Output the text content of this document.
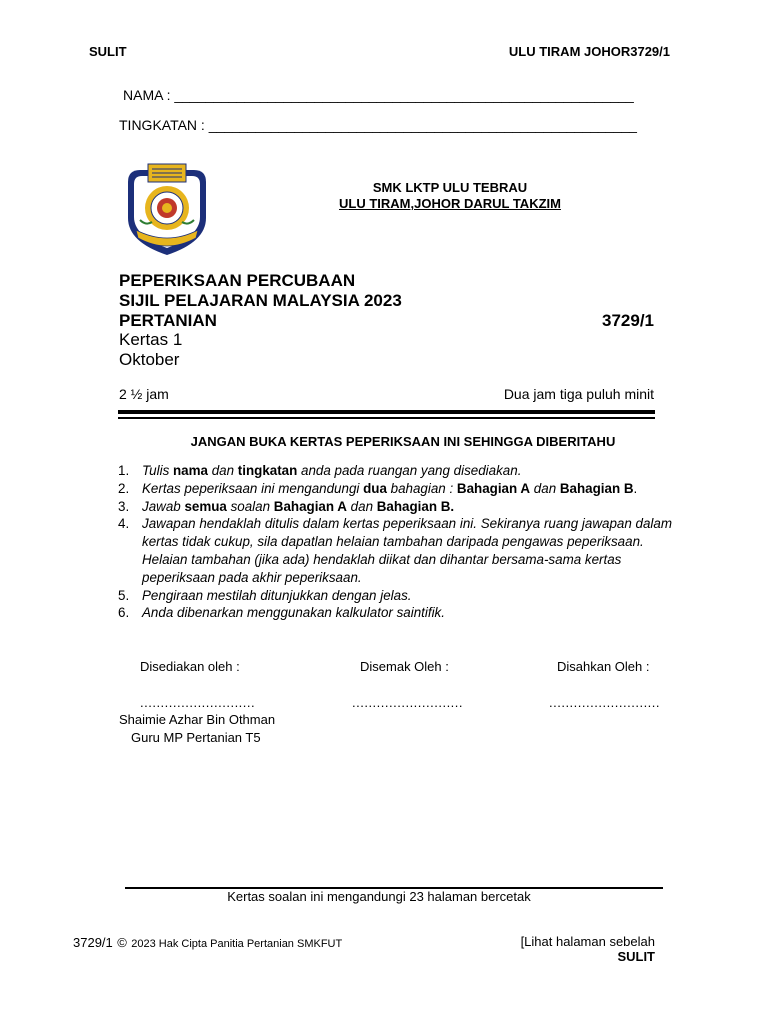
SULIT	ULU TIRAM JOHOR3729/1
NAMA : ___________________________________________________________
TINGKATAN : _______________________________________________________
SMK LKTP ULU TEBRAU
ULU TIRAM,JOHOR DARUL TAKZIM
PEPERIKSAAN PERCUBAAN
SIJIL PELAJARAN MALAYSIA 2023
PERTANIAN	3729/1
Kertas 1
Oktober
2 ½ jam	Dua jam tiga puluh minit
JANGAN BUKA KERTAS PEPERIKSAAN INI SEHINGGA DIBERITAHU
1. Tulis nama dan tingkatan anda pada ruangan yang disediakan.
2. Kertas peperiksaan ini mengandungi dua bahagian : Bahagian A dan Bahagian B.
3. Jawab semua soalan Bahagian A dan Bahagian B.
4. Jawapan hendaklah ditulis dalam kertas peperiksaan ini. Sekiranya ruang jawapan dalam kertas tidak cukup, sila dapatlan helaian tambahan daripada pengawas peperiksaan. Helaian tambahan (jika ada) hendaklah diikat dan dihantar bersama-sama kertas peperiksaan pada akhir peperiksaan.
5. Pengiraan mestilah ditunjukkan dengan jelas.
6. Anda dibenarkan menggunakan kalkulator saintifik.
Disediakan oleh :	Disemak Oleh :	Disahkan Oleh :
............................	...........................	...........................
Shaimie Azhar Bin Othman
Guru MP Pertanian T5
Kertas soalan ini mengandungi 23 halaman bercetak
3729/1 © 2023 Hak Cipta Panitia Pertanian SMKFUT	[Lihat halaman sebelah
SULIT
